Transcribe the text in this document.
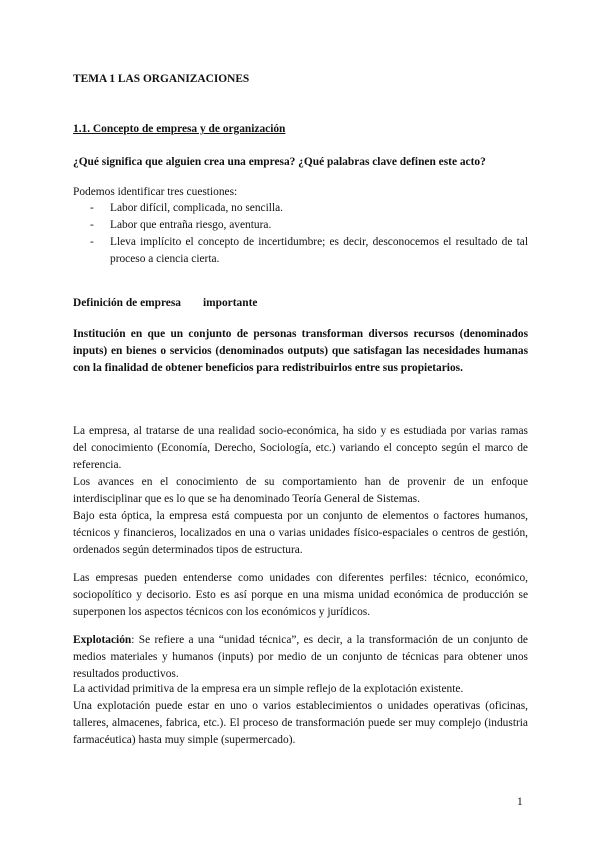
TEMA 1 LAS ORGANIZACIONES

1.1. Concepto de empresa y de organización

¿Qué significa que alguien crea una empresa? ¿Qué palabras clave definen este acto?

Podemos identificar tres cuestiones:

- Labor difícil, complicada, no sencilla.
- Labor que entraña riesgo, aventura.
- Lleva implícito el concepto de incertidumbre; es decir, desconocemos el resultado de tal proceso a ciencia cierta.

Definición de empresa importante

Institución en que un conjunto de personas transforman diversos recursos (denominados inputs) en bienes o servicios (denominados outputs) que satisfagan las necesidades humanas con la finalidad de obtener beneficios para redistribuirlos entre sus propietarios.

La empresa, al tratarse de una realidad socio-económica, ha sido y es estudiada por varias ramas del conocimiento (Economía, Derecho, Sociología, etc.) variando el concepto según el marco de referencia.

Los avances en el conocimiento de su comportamiento han de provenir de un enfoque interdisciplinar que es lo que se ha denominado Teoría General de Sistemas.

Bajo esta óptica, la empresa está compuesta por un conjunto de elementos o factores humanos, técnicos y financieros, localizados en una o varias unidades físico-espaciales o centros de gestión, ordenados según determinados tipos de estructura.

Las empresas pueden entenderse como unidades con diferentes perfiles: técnico, económico, sociopolítico y decisorio. Esto es así porque en una misma unidad económica de producción se superponen los aspectos técnicos con los económicos y jurídicos.

Explotación: Se refiere a una “unidad técnica”, es decir, a la transformación de un conjunto de medios materiales y humanos (inputs) por medio de un conjunto de técnicas para obtener unos resultados productivos.

La actividad primitiva de la empresa era un simple reflejo de la explotación existente.

Una explotación puede estar en uno o varios establecimientos o unidades operativas (oficinas, talleres, almacenes, fabrica, etc.). El proceso de transformación puede ser muy complejo (industria farmacéutica) hasta muy simple (supermercado).

1
